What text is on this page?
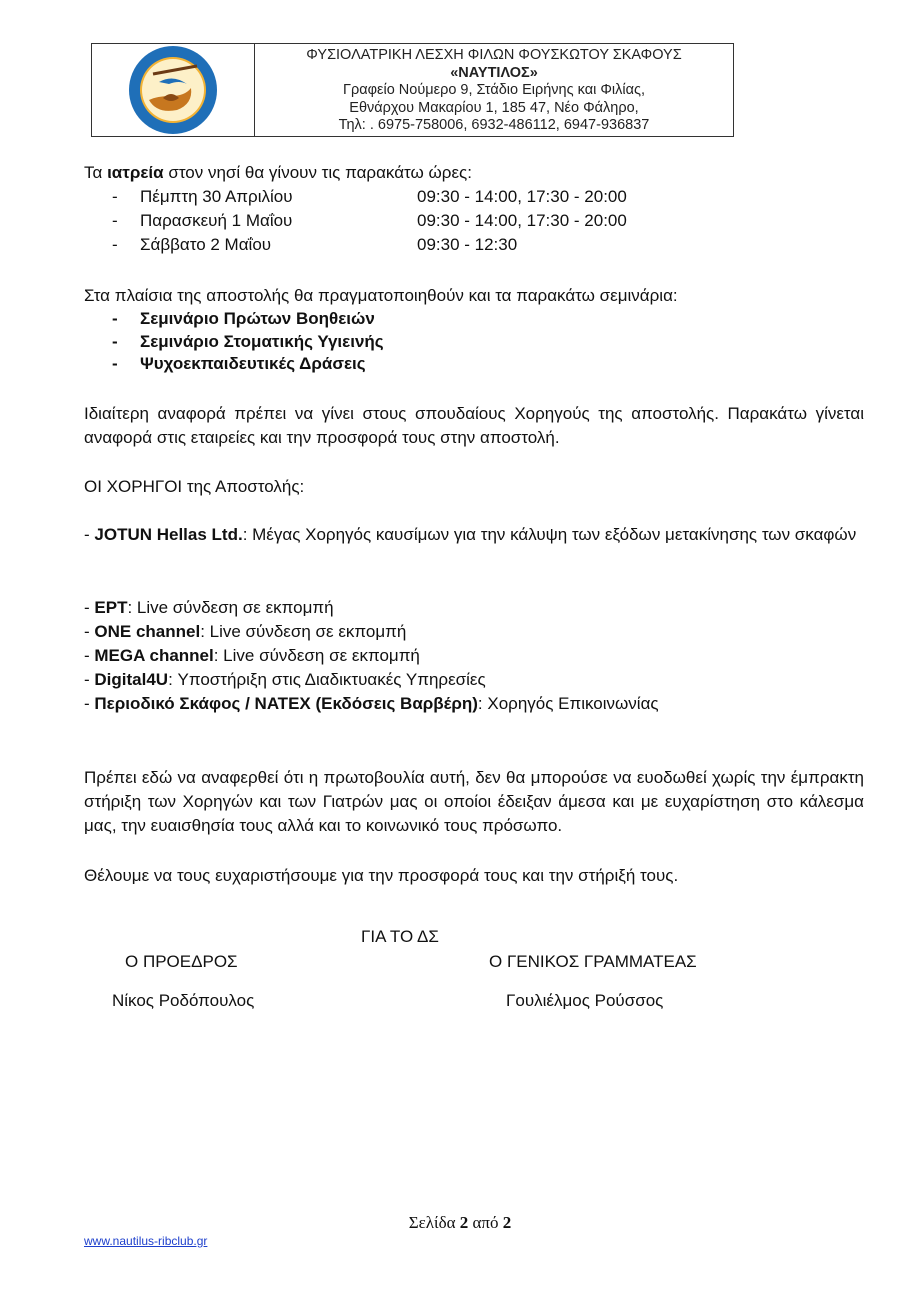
ΦΥΣΙΟΛΑΤΡΙΚΗ ΛΕΣΧΗ ΦΙΛΩΝ ΦΟΥΣΚΩΤΟΥ ΣΚΑΦΟΥΣ
«ΝΑΥΤΙΛΟΣ»
Γραφείο Νούμερο 9, Στάδιο Ειρήνης και Φιλίας,
Εθνάρχου Μακαρίου 1, 185 47, Νέο Φάληρο,
Τηλ: . 6975-758006, 6932-486112, 6947-936837
Τα ιατρεία στον νησί θα γίνουν τις παρακάτω ώρες:
-	Πέμπτη 30 Απριλίου	09:30 - 14:00, 17:30 - 20:00
-	Παρασκευή 1 Μαΐου	09:30 - 14:00, 17:30 - 20:00
-	Σάββατο 2 Μαΐου	09:30 - 12:30
Στα πλαίσια της αποστολής θα πραγματοποιηθούν και τα παρακάτω σεμινάρια:
-	Σεμινάριο Πρώτων Βοηθειών
-	Σεμινάριο Στοματικής Υγιεινής
-	Ψυχοεκπαιδευτικές Δράσεις
Ιδιαίτερη αναφορά πρέπει να γίνει στους σπουδαίους Χορηγούς της αποστολής. Παρακάτω γίνεται αναφορά στις εταιρείες και την προσφορά τους στην αποστολή.
ΟΙ ΧΟΡΗΓΟΙ της Αποστολής:
- JOTUN Hellas Ltd.: Μέγας Χορηγός καυσίμων για την κάλυψη των εξόδων μετακίνησης των σκαφών
- ΕΡΤ: Live σύνδεση σε εκπομπή
- ONE channel: Live σύνδεση σε εκπομπή
- MEGA channel: Live σύνδεση σε εκπομπή
- Digital4U: Υποστήριξη στις Διαδικτυακές Υπηρεσίες
- Περιοδικό Σκάφος / ΝΑΤΕΧ (Εκδόσεις Βαρβέρη): Χορηγός Επικοινωνίας
Πρέπει εδώ να αναφερθεί ότι η πρωτοβουλία αυτή, δεν θα μπορούσε να ευοδωθεί χωρίς την έμπρακτη στήριξη των Χορηγών και των Γιατρών μας οι οποίοι έδειξαν άμεσα και με ευχαρίστηση στο κάλεσμα μας, την ευαισθησία τους αλλά και το κοινωνικό τους πρόσωπο.
Θέλουμε να τους ευχαριστήσουμε για την προσφορά τους και την στήριξή τους.
ΓΙΑ ΤΟ ΔΣ
Ο ΠΡΟΕΔΡΟΣ	Ο ΓΕΝΙΚΟΣ ΓΡΑΜΜΑΤΕΑΣ
Νίκος Ροδόπουλος	Γουλιέλμος Ρούσσος
Σελίδα 2 από 2
www.nautilus-ribclub.gr
